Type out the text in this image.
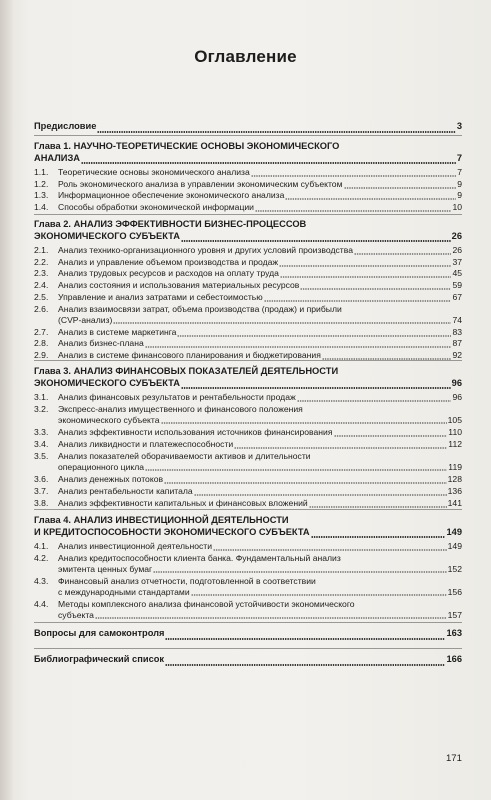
Оглавление
Предисловие	3
Глава 1. НАУЧНО-ТЕОРЕТИЧЕСКИЕ ОСНОВЫ ЭКОНОМИЧЕСКОГО
АНАЛИЗА	7
1.1.	Теоретические основы экономического анализа	7
1.2.	Роль экономического анализа в управлении экономическим субъектом	9
1.3.	Информационное обеспечение экономического анализа	9
1.4.	Способы обработки экономической информации	10
Глава 2. АНАЛИЗ ЭФФЕКТИВНОСТИ БИЗНЕС-ПРОЦЕССОВ
ЭКОНОМИЧЕСКОГО СУБЪЕКТА	26
2.1.	Анализ технико-организационного уровня и других условий производства	26
2.2.	Анализ и управление объемом производства и продаж	37
2.3.	Анализ трудовых ресурсов и расходов на оплату труда	45
2.4.	Анализ состояния и использования материальных ресурсов	59
2.5.	Управление и анализ затратами и себестоимостью	67
2.6.	Анализ взаимосвязи затрат, объема производства (продаж) и прибыли
(CVP-анализ)	74
2.7.	Анализ в системе маркетинга	83
2.8.	Анализ бизнес-плана	87
2.9.	Анализ в системе финансового планирования и бюджетирования	92
Глава 3. АНАЛИЗ ФИНАНСОВЫХ ПОКАЗАТЕЛЕЙ ДЕЯТЕЛЬНОСТИ
ЭКОНОМИЧЕСКОГО СУБЪЕКТА	96
3.1.	Анализ финансовых результатов и рентабельности продаж	96
3.2.	Экспресс-анализ имущественного и финансового положения
экономического субъекта	105
3.3.	Анализ эффективности использования источников финансирования	110
3.4.	Анализ ликвидности и платежеспособности	112
3.5.	Анализ показателей оборачиваемости активов и длительности
операционного цикла	119
3.6.	Анализ денежных потоков	128
3.7.	Анализ рентабельности капитала	136
3.8.	Анализ эффективности капитальных и финансовых вложений	141
Глава 4. АНАЛИЗ ИНВЕСТИЦИОННОЙ ДЕЯТЕЛЬНОСТИ
И КРЕДИТОСПОСОБНОСТИ ЭКОНОМИЧЕСКОГО СУБЪЕКТА	149
4.1.	Анализ инвестиционной деятельности	149
4.2.	Анализ кредитоспособности клиента банка. Фундаментальный анализ
эмитента ценных бумаг	152
4.3.	Финансовый анализ отчетности, подготовленной в соответствии
с международными стандартами	156
4.4.	Методы комплексного анализа финансовой устойчивости экономического
субъекта	157
Вопросы для самоконтроля	163
Библиографический список	166
171
